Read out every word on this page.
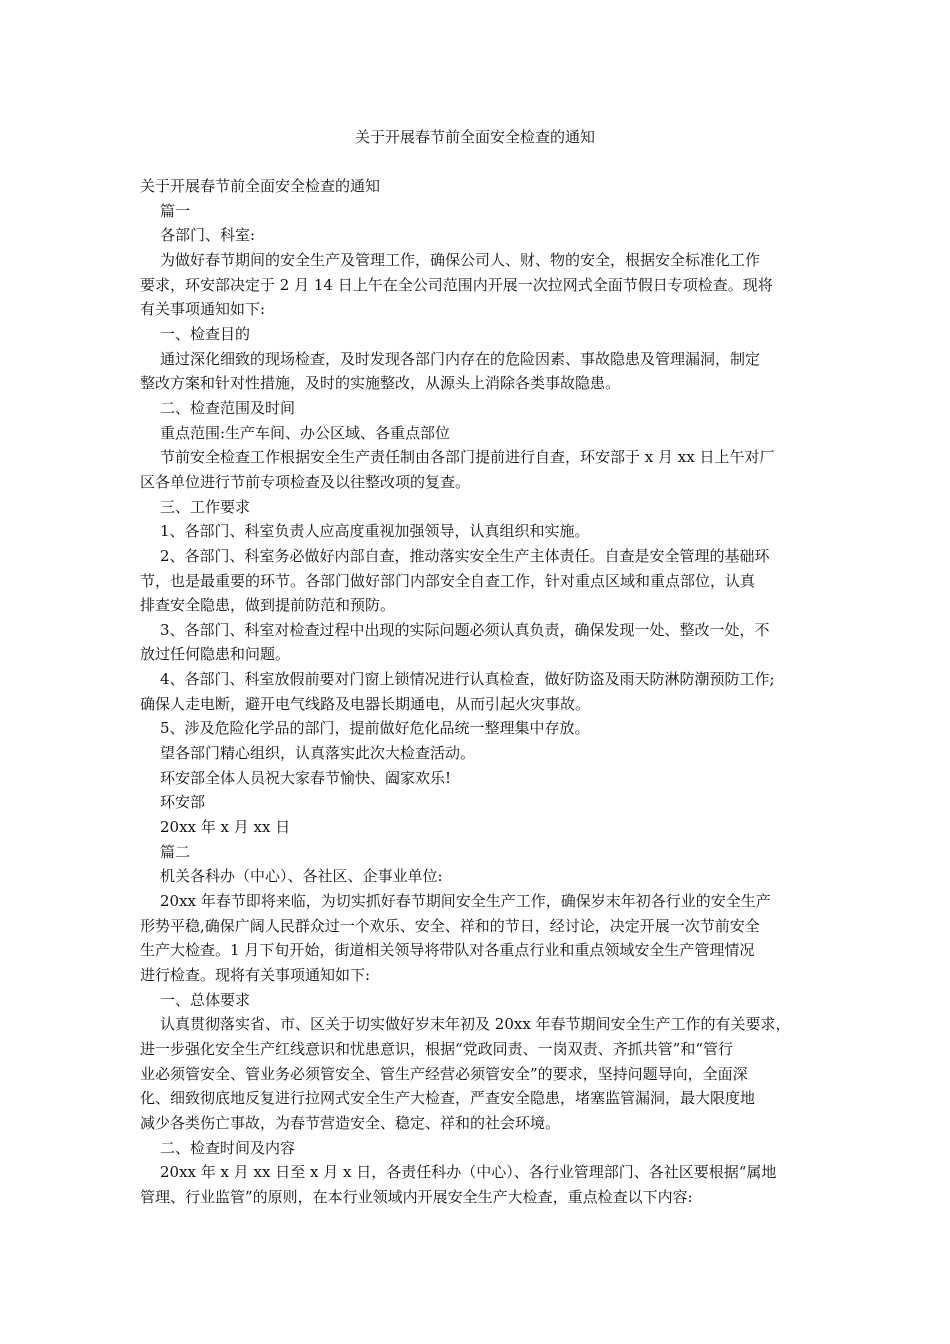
关于开展春节前全面安全检查的通知
关于开展春节前全面安全检查的通知
篇一
各部门、科室:
为做好春节期间的安全生产及管理工作，确保公司人、财、物的安全，根据安全标准化工作
要求，环安部决定于 2 月 14 日上午在全公司范围内开展一次拉网式全面节假日专项检查。现将
有关事项通知如下:
一、检查目的
通过深化细致的现场检查，及时发现各部门内存在的危险因素、事故隐患及管理漏洞，制定
整改方案和针对性措施，及时的实施整改，从源头上消除各类事故隐患。
二、检查范围及时间
重点范围:生产车间、办公区域、各重点部位
节前安全检查工作根据安全生产责任制由各部门提前进行自查，环安部于 x 月 xx 日上午对厂
区各单位进行节前专项检查及以往整改项的复查。
三、工作要求
1、各部门、科室负责人应高度重视加强领导，认真组织和实施。
2、各部门、科室务必做好内部自查，推动落实安全生产主体责任。自查是安全管理的基础环
节，也是最重要的环节。各部门做好部门内部安全自查工作，针对重点区域和重点部位，认真
排查安全隐患，做到提前防范和预防。
3、各部门、科室对检查过程中出现的实际问题必须认真负责，确保发现一处、整改一处，不
放过任何隐患和问题。
4、各部门、科室放假前要对门窗上锁情况进行认真检查，做好防盗及雨天防淋防潮预防工作;
确保人走电断，避开电气线路及电器长期通电，从而引起火灾事故。
5、涉及危险化学品的部门，提前做好危化品统一整理集中存放。
望各部门精心组织，认真落实此次大检查活动。
环安部全体人员祝大家春节愉快、阖家欢乐!
环安部
20xx 年 x 月 xx 日
篇二
机关各科办（中心）、各社区、企事业单位:
20xx 年春节即将来临，为切实抓好春节期间安全生产工作，确保岁末年初各行业的安全生产
形势平稳,确保广阔人民群众过一个欢乐、安全、祥和的节日，经讨论，决定开展一次节前安全
生产大检查。1 月下旬开始，街道相关领导将带队对各重点行业和重点领域安全生产管理情况
进行检查。现将有关事项通知如下:
一、总体要求
认真贯彻落实省、市、区关于切实做好岁末年初及 20xx 年春节期间安全生产工作的有关要求，
进一步强化安全生产红线意识和忧患意识，根据“党政同责、一岗双责、齐抓共管”和“管行
业必须管安全、管业务必须管安全、管生产经营必须管安全”的要求，坚持问题导向，全面深
化、细致彻底地反复进行拉网式安全生产大检查，严查安全隐患，堵塞监管漏洞，最大限度地
减少各类伤亡事故，为春节营造安全、稳定、祥和的社会环境。
二、检查时间及内容
20xx 年 x 月 xx 日至 x 月 x 日，各责任科办（中心）、各行业管理部门、各社区要根据“属地
管理、行业监管”的原则，在本行业领域内开展安全生产大检查，重点检查以下内容:
